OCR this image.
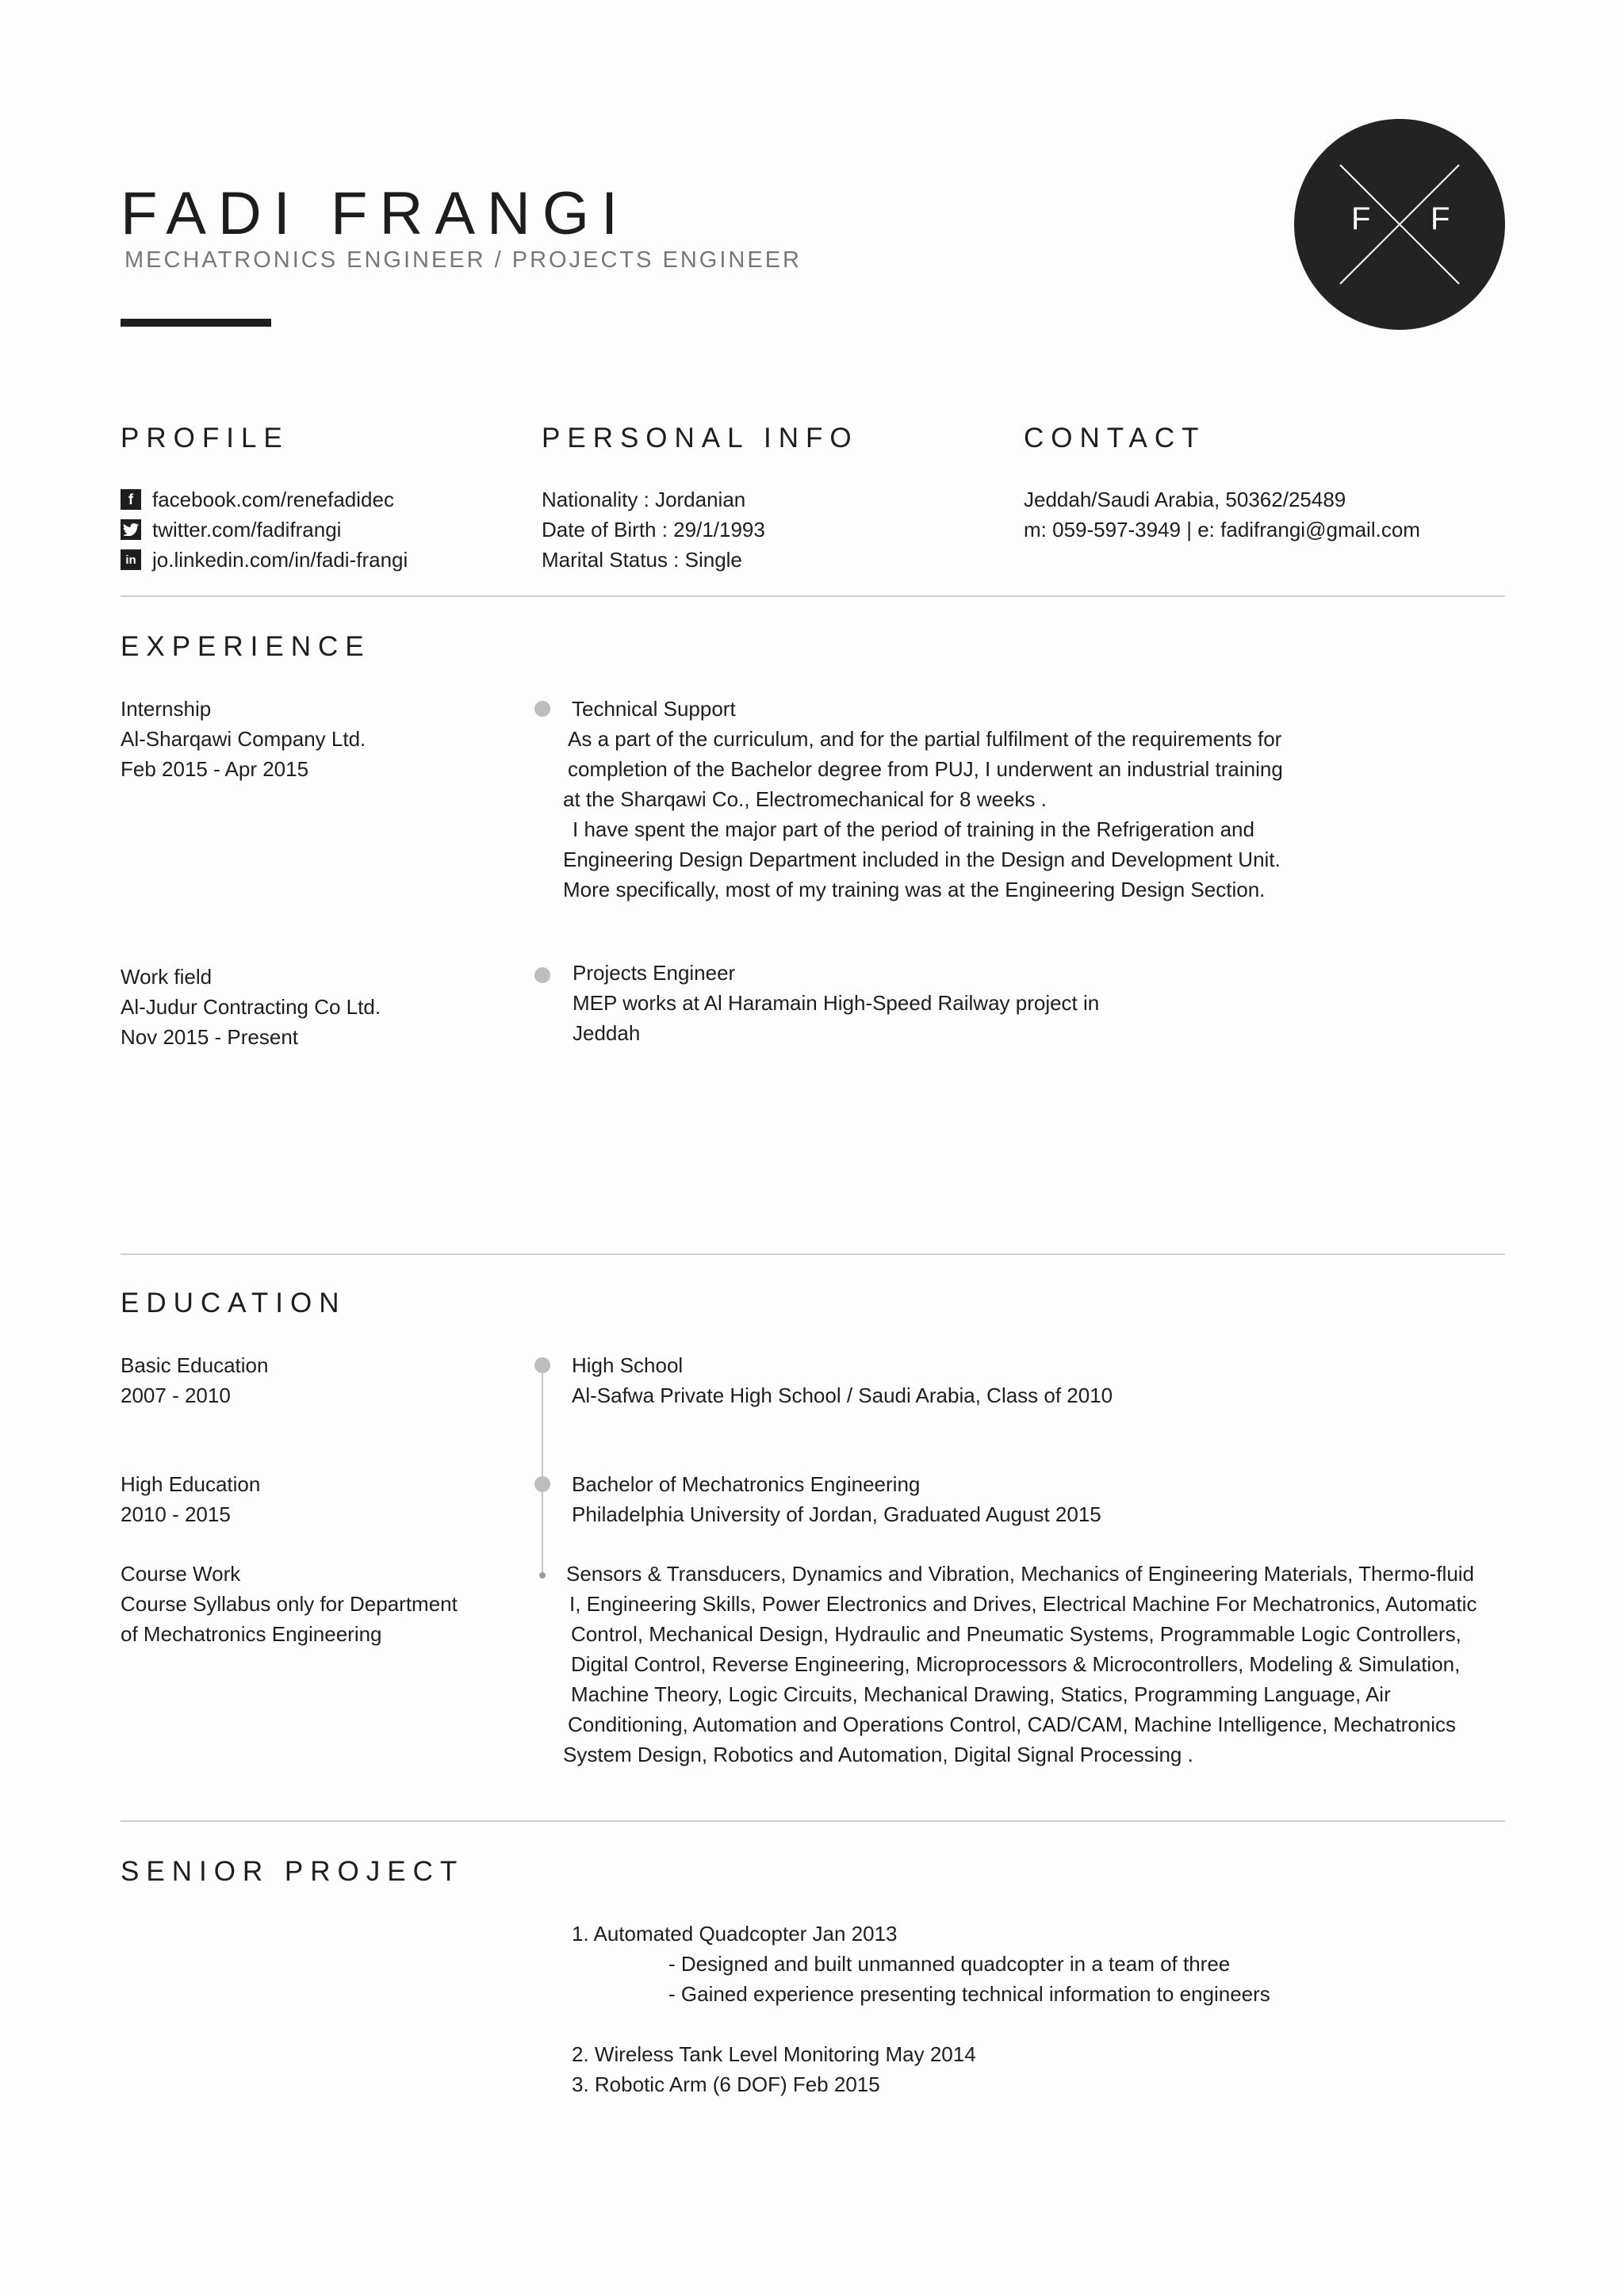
FADI FRANGI
MECHATRONICS ENGINEER / PROJECTS ENGINEER
F F
PROFILE	PERSONAL INFO	CONTACT
f facebook.com/renefadidec
twitter.com/fadifrangi
in jo.linkedin.com/in/fadi-frangi
Nationality : Jordanian
Date of Birth : 29/1/1993
Marital Status : Single
Jeddah/Saudi Arabia, 50362/25489
m: 059-597-3949 | e: fadifrangi@gmail.com
EXPERIENCE
Internship
Al-Sharqawi Company Ltd.
Feb 2015 - Apr 2015
Technical Support
As a part of the curriculum, and for the partial fulfilment of the requirements for
completion of the Bachelor degree from PUJ, I underwent an industrial training
at the Sharqawi Co., Electromechanical for 8 weeks .
I have spent the major part of the period of training in the Refrigeration and
Engineering Design Department included in the Design and Development Unit.
More specifically, most of my training was at the Engineering Design Section.
Work field
Al-Judur Contracting Co Ltd.
Nov 2015 - Present
Projects Engineer
MEP works at Al Haramain High-Speed Railway project in
Jeddah
EDUCATION
Basic Education
2007 - 2010
High School
Al-Safwa Private High School / Saudi Arabia, Class of 2010
High Education
2010 - 2015
Bachelor of Mechatronics Engineering
Philadelphia University of Jordan, Graduated August 2015
Course Work
Course Syllabus only for Department
of Mechatronics Engineering
Sensors & Transducers, Dynamics and Vibration, Mechanics of Engineering Materials, Thermo-fluid
I, Engineering Skills, Power Electronics and Drives, Electrical Machine For Mechatronics, Automatic
Control, Mechanical Design, Hydraulic and Pneumatic Systems, Programmable Logic Controllers,
Digital Control, Reverse Engineering, Microprocessors & Microcontrollers, Modeling & Simulation,
Machine Theory, Logic Circuits, Mechanical Drawing, Statics, Programming Language, Air
Conditioning, Automation and Operations Control, CAD/CAM, Machine Intelligence, Mechatronics
System Design, Robotics and Automation, Digital Signal Processing .
SENIOR PROJECT
1. Automated Quadcopter Jan 2013
- Designed and built unmanned quadcopter in a team of three
- Gained experience presenting technical information to engineers
2. Wireless Tank Level Monitoring May 2014
3. Robotic Arm (6 DOF) Feb 2015
